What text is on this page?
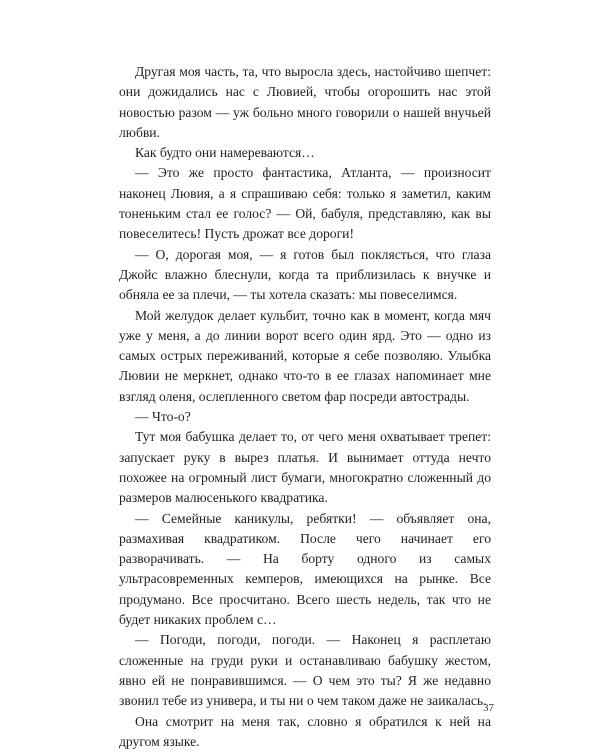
Другая моя часть, та, что выросла здесь, настойчиво шепчет: они дожидались нас с Лювией, чтобы огорошить нас этой новостью разом — уж больно много говорили о нашей внучьей любви.

Как будто они намереваются…

— Это же просто фантастика, Атланта, — произносит наконец Лювия, а я спрашиваю себя: только я заметил, каким тоненьким стал ее голос? — Ой, бабуля, представляю, как вы повеселитесь! Пусть дрожат все дороги!

— О, дорогая моя, — я готов был поклясться, что глаза Джойс влажно блеснули, когда та приблизилась к внучке и обняла ее за плечи, — ты хотела сказать: мы повеселимся.

Мой желудок делает кульбит, точно как в момент, когда мяч уже у меня, а до линии ворот всего один ярд. Это — одно из самых острых переживаний, которые я себе позволяю. Улыбка Лювии не меркнет, однако что-то в ее глазах напоминает мне взгляд оленя, ослепленного светом фар посреди автострады.

— Что-о?

Тут моя бабушка делает то, от чего меня охватывает трепет: запускает руку в вырез платья. И вынимает оттуда нечто похожее на огромный лист бумаги, многократно сложенный до размеров малюсенького квадратика.

— Семейные каникулы, ребятки! — объявляет она, размахивая квадратиком. После чего начинает его разворачивать. — На борту одного из самых ультрасовременных кемперов, имеющихся на рынке. Все продумано. Все просчитано. Всего шесть недель, так что не будет никаких проблем с…

— Погоди, погоди, погоди. — Наконец я расплетаю сложенные на груди руки и останавливаю бабушку жестом, явно ей не понравившимся. — О чем это ты? Я же недавно звонил тебе из универа, и ты ни о чем таком даже не заикалась.

Она смотрит на меня так, словно я обратился к ней на другом языке.

37
